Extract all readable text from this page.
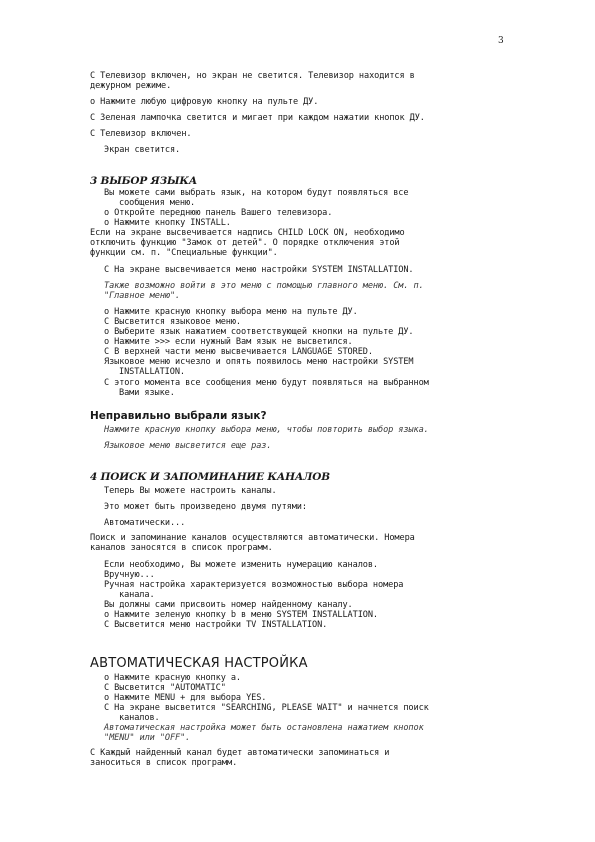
3
С Телевизор включен, но экран не светится. Телевизор находится в
дежурном режиме.
o Нажмите любую цифровую кнопку на пульте ДУ.
С Зеленая лампочка светится и мигает при каждом нажатии кнопок ДУ.
С Телевизор включен.
Экран светится.
3 ВЫБОР ЯЗЫКА
Вы можете сами выбрать язык, на котором будут появляться все
сообщения меню.
o Откройте переднюю панель Вашего телевизора.
o Нажмите кнопку INSTALL.
Если на экране высвечивается надпись CHILD LOCK ON, необходимо
отключить функцию "Замок от детей". О порядке отключения этой
функции см. п. "Специальные функции".
С На экране высвечивается меню настройки SYSTEM INSTALLATION.
Также возможно войти в это меню с помощью главного меню. См. п.
"Главное меню".
o Нажмите красную кнопку выбора меню на пульте ДУ.
С Высветится языковое меню.
o Выберите язык нажатием соответствующей кнопки на пульте ДУ.
o Нажмите >>> если нужный Вам язык не высветился.
С В верхней части меню высвечивается LANGUAGE STORED.
Языковое меню исчезло и опять появилось меню настройки SYSTEM
INSTALLATION.
С этого момента все сообщения меню будут появляться на выбранном
Вами языке.
Неправильно выбрали язык?
Нажмите красную кнопку выбора меню, чтобы повторить выбор языка.
Языковое меню высветится еще раз.
4 ПОИСК И ЗАПОМИНАНИЕ КАНАЛОВ
Теперь Вы можете настроить каналы.
Это может быть произведено двумя путями:
Автоматически...
Поиск и запоминание каналов осуществляются автоматически. Номера
каналов заносятся в список программ.
Если необходимо, Вы можете изменить нумерацию каналов.
Вручную...
Ручная настройка характеризуется возможностью выбора номера
канала.
Вы должны сами присвоить номер найденному каналу.
o Нажмите зеленую кнопку b в меню SYSTEM INSTALLATION.
С Высветится меню настройки TV INSTALLATION.
АВТОМАТИЧЕСКАЯ НАСТРОЙКА
o Нажмите красную кнопку a.
С Высветится "AUTOMATIC"
o Нажмите MENU + для выбора YES.
С На экране высветится "SEARCHING, PLEASE WAIT" и начнется поиск
каналов.
Автоматическая настройка может быть остановлена нажатием кнопок
"MENU" или "OFF".
С Каждый найденный канал будет автоматически запоминаться и
заноситься в список программ.
